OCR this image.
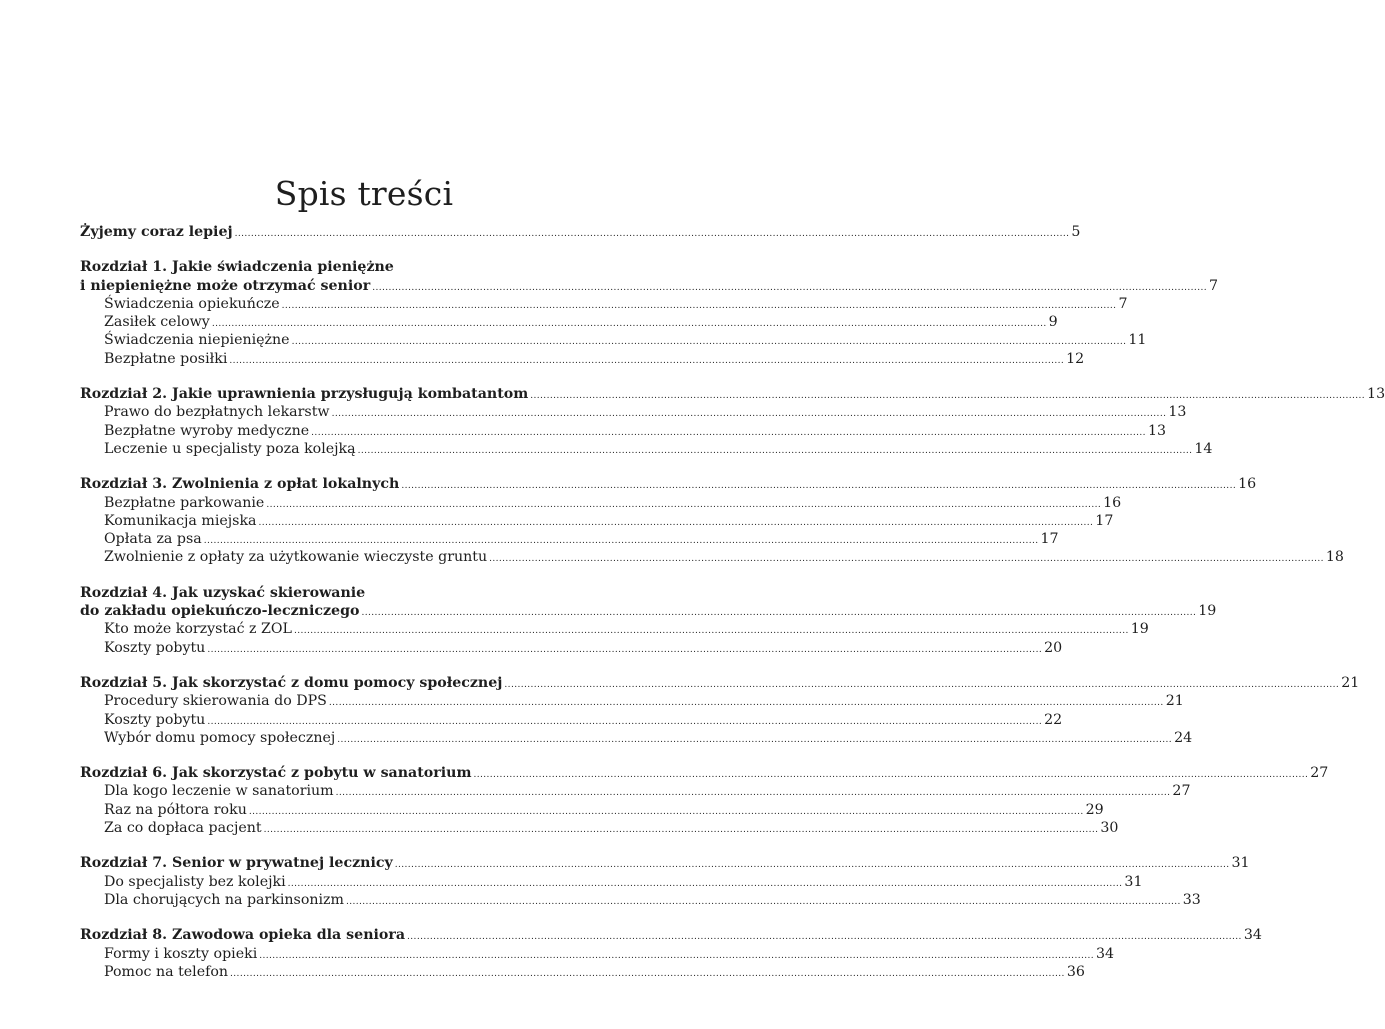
Spis treści
Żyjemy coraz lepiej .....	5
Rozdział 1. Jakie świadczenia pieniężne
i niepieniężne może otrzymać senior .....	7
Świadczenia opiekuńcze .....	7
Zasiłek celowy .....	9
Świadczenia niepieniężne .....	11
Bezpłatne posiłki .....	12
Rozdział 2. Jakie uprawnienia przysługują kombatantom .....	13
Prawo do bezpłatnych lekarstw .....	13
Bezpłatne wyroby medyczne .....	13
Leczenie u specjalisty poza kolejką .....	14
Rozdział 3. Zwolnienia z opłat lokalnych .....	16
Bezpłatne parkowanie .....	16
Komunikacja miejska .....	17
Opłata za psa .....	17
Zwolnienie z opłaty za użytkowanie wieczyste gruntu .....	18
Rozdział 4. Jak uzyskać skierowanie
do zakładu opiekuńczo-leczniczego .....	19
Kto może korzystać z ZOL .....	19
Koszty pobytu .....	20
Rozdział 5. Jak skorzystać z domu pomocy społecznej .....	21
Procedury skierowania do DPS .....	21
Koszty pobytu .....	22
Wybór domu pomocy społecznej .....	24
Rozdział 6. Jak skorzystać z pobytu w sanatorium .....	27
Dla kogo leczenie w sanatorium .....	27
Raz na półtora roku .....	29
Za co dopłaca pacjent .....	30
Rozdział 7. Senior w prywatnej lecznicy .....	31
Do specjalisty bez kolejki .....	31
Dla chorujących na parkinsonizm .....	33
Rozdział 8. Zawodowa opieka dla seniora .....	34
Formy i koszty opieki .....	34
Pomoc na telefon .....	36
